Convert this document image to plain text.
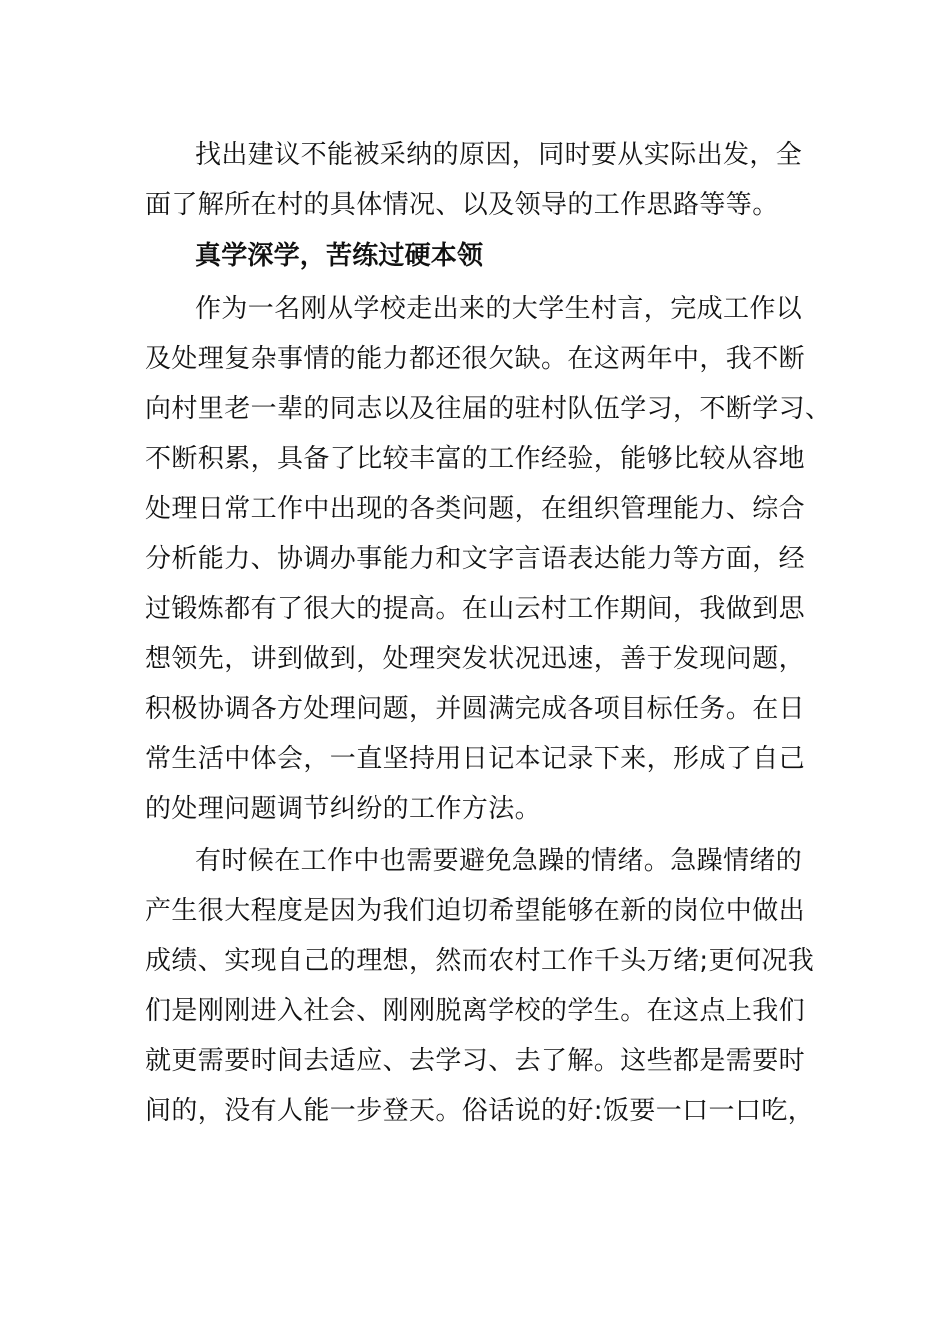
找出建议不能被采纳的原因，同时要从实际出发，全
面了解所在村的具体情况、以及领导的工作思路等等。
真学深学，苦练过硬本领
作为一名刚从学校走出来的大学生村言，完成工作以
及处理复杂事情的能力都还很欠缺。在这两年中，我不断
向村里老一辈的同志以及往届的驻村队伍学习，不断学习、
不断积累，具备了比较丰富的工作经验，能够比较从容地
处理日常工作中出现的各类问题，在组织管理能力、综合
分析能力、协调办事能力和文字言语表达能力等方面，经
过锻炼都有了很大的提高。在山云村工作期间，我做到思
想领先，讲到做到，处理突发状况迅速，善于发现问题，
积极协调各方处理问题，并圆满完成各项目标任务。在日
常生活中体会，一直坚持用日记本记录下来，形成了自己
的处理问题调节纠纷的工作方法。
有时候在工作中也需要避免急躁的情绪。急躁情绪的
产生很大程度是因为我们迫切希望能够在新的岗位中做出
成绩、实现自己的理想，然而农村工作千头万绪;更何况我
们是刚刚进入社会、刚刚脱离学校的学生。在这点上我们
就更需要时间去适应、去学习、去了解。这些都是需要时
间的，没有人能一步登天。俗话说的好:饭要一口一口吃，
